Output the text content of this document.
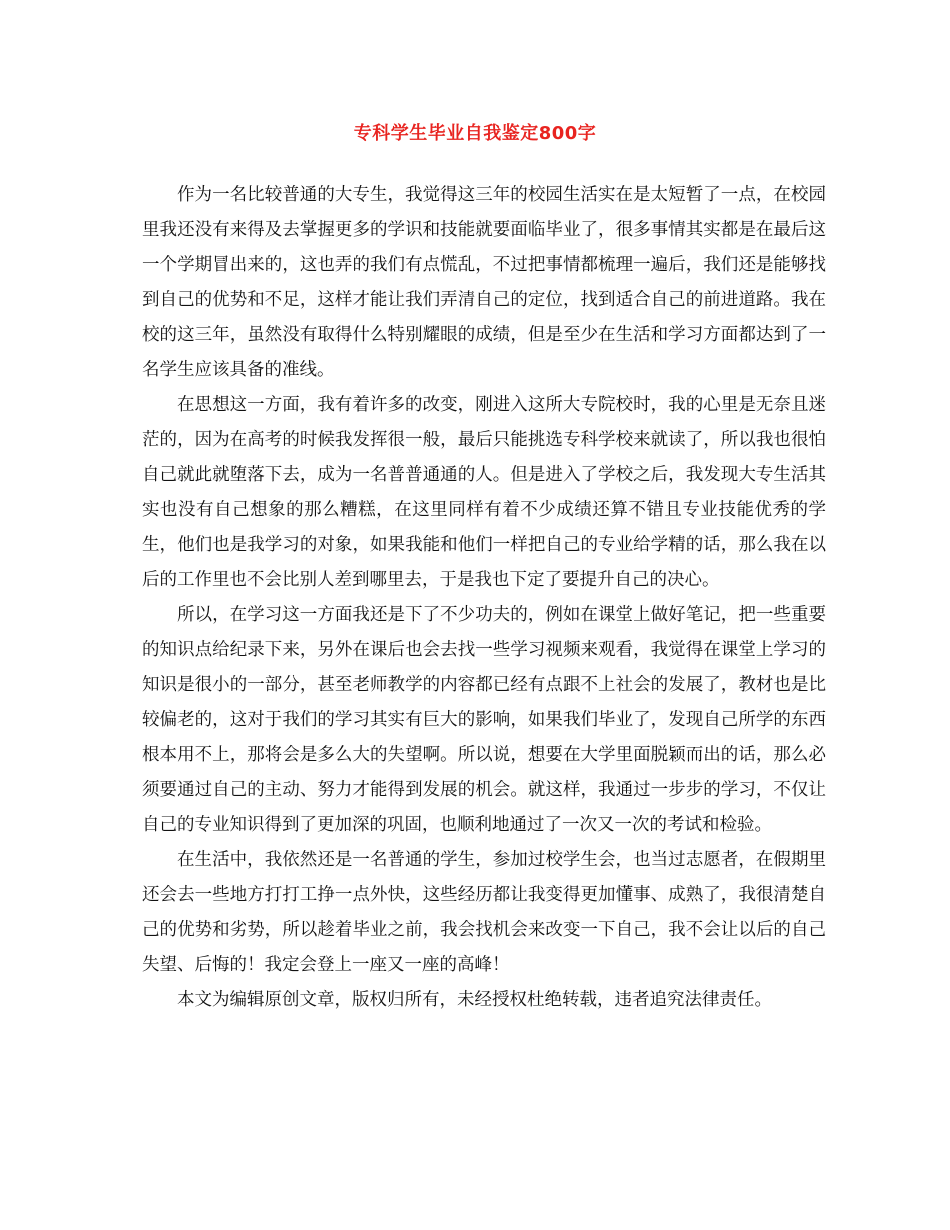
专科学生毕业自我鉴定800字

作为一名比较普通的大专生，我觉得这三年的校园生活实在是太短暂了一点，在校园里我还没有来得及去掌握更多的学识和技能就要面临毕业了，很多事情其实都是在最后这一个学期冒出来的，这也弄的我们有点慌乱，不过把事情都梳理一遍后，我们还是能够找到自己的优势和不足，这样才能让我们弄清自己的定位，找到适合自己的前进道路。我在校的这三年，虽然没有取得什么特别耀眼的成绩，但是至少在生活和学习方面都达到了一名学生应该具备的准线。

在思想这一方面，我有着许多的改变，刚进入这所大专院校时，我的心里是无奈且迷茫的，因为在高考的时候我发挥很一般，最后只能挑选专科学校来就读了，所以我也很怕自己就此就堕落下去，成为一名普普通通的人。但是进入了学校之后，我发现大专生活其实也没有自己想象的那么糟糕，在这里同样有着不少成绩还算不错且专业技能优秀的学生，他们也是我学习的对象，如果我能和他们一样把自己的专业给学精的话，那么我在以后的工作里也不会比别人差到哪里去，于是我也下定了要提升自己的决心。

所以，在学习这一方面我还是下了不少功夫的，例如在课堂上做好笔记，把一些重要的知识点给纪录下来，另外在课后也会去找一些学习视频来观看，我觉得在课堂上学习的知识是很小的一部分，甚至老师教学的内容都已经有点跟不上社会的发展了，教材也是比较偏老的，这对于我们的学习其实有巨大的影响，如果我们毕业了，发现自己所学的东西根本用不上，那将会是多么大的失望啊。所以说，想要在大学里面脱颖而出的话，那么必须要通过自己的主动、努力才能得到发展的机会。就这样，我通过一步步的学习，不仅让自己的专业知识得到了更加深的巩固，也顺利地通过了一次又一次的考试和检验。

在生活中，我依然还是一名普通的学生，参加过校学生会，也当过志愿者，在假期里还会去一些地方打打工挣一点外快，这些经历都让我变得更加懂事、成熟了，我很清楚自己的优势和劣势，所以趁着毕业之前，我会找机会来改变一下自己，我不会让以后的自己失望、后悔的！我定会登上一座又一座的高峰！

本文为编辑原创文章，版权归所有，未经授权杜绝转载，违者追究法律责任。
